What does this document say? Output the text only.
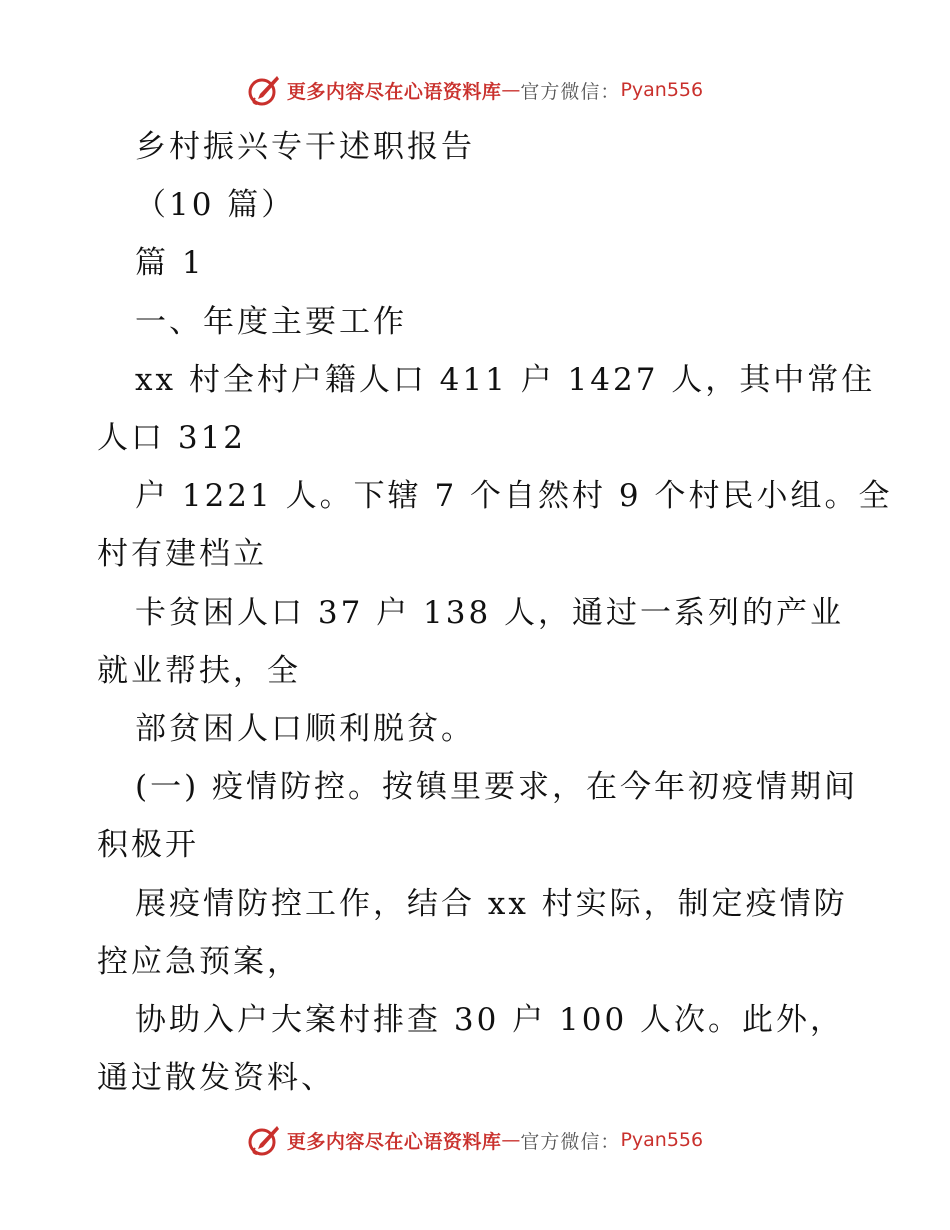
更多内容尽在心语资料库 — 官方微信： Pyan556
乡村振兴专干述职报告
（10 篇）
篇 1
一、年度主要工作
xx 村全村户籍人口 411 户 1427 人，其中常住
人口 312
户 1221 人。下辖 7 个自然村 9 个村民小组。全
村有建档立
卡贫困人口 37 户 138 人，通过一系列的产业
就业帮扶，全
部贫困人口顺利脱贫。
(一) 疫情防控。按镇里要求，在今年初疫情期间
积极开
展疫情防控工作，结合 xx 村实际，制定疫情防
控应急预案，
协助入户大案村排查 30 户 100 人次。此外，
通过散发资料、
更多内容尽在心语资料库 — 官方微信： Pyan556
